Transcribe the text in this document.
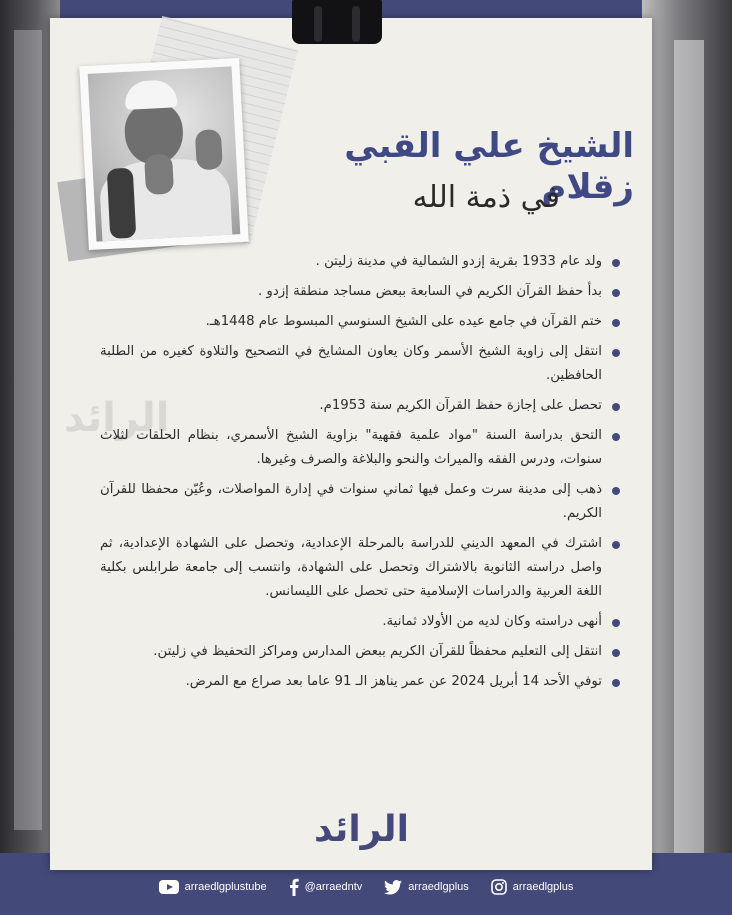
الشيخ علي القبي زقلام
في ذمة الله
الرائد
ولد عام 1933 بقرية إزدو الشمالية في مدينة زليتن .
بدأ حفظ القرآن الكريم في السابعة ببعض مساجد منطقة إزدو .
ختم القرآن في جامع عيده على الشيخ السنوسي المبسوط عام 1448هـ.
انتقل إلى زاوية الشيخ الأسمر وكان يعاون المشايخ في التصحيح والتلاوة كغيره من الطلبة الحافظين.
تحصل على إجازة حفظ القرآن الكريم سنة 1953م.
التحق بدراسة السنة "مواد علمية فقهية" بزاوية الشيخ الأسمري، بنظام الحلقات لثلاث سنوات، ودرس الفقه والميراث والنحو والبلاغة والصرف وغيرها.
ذهب إلى مدينة سرت وعمل فيها ثماني سنوات في إدارة المواصلات، وعُيّن محفظا للقرآن الكريم.
اشترك في المعهد الديني للدراسة بالمرحلة الإعدادية، وتحصل على الشهادة الإعدادية، ثم واصل دراسته الثانوية بالاشتراك وتحصل على الشهادة، وانتسب إلى جامعة طرابلس بكلية اللغة العربية والدراسات الإسلامية حتى تحصل على الليسانس.
أنهى دراسته وكان لديه من الأولاد ثمانية.
انتقل إلى التعليم محفظاً للقرآن الكريم ببعض المدارس ومراكز التحفيظ في زليتن.
توفي الأحد 14 أبريل 2024 عن عمر يناهز الـ 91 عاما بعد صراع مع المرض.
الرائد
arraedlgplustube	@arraedntv	arraedlgplus	arraedlgplus
